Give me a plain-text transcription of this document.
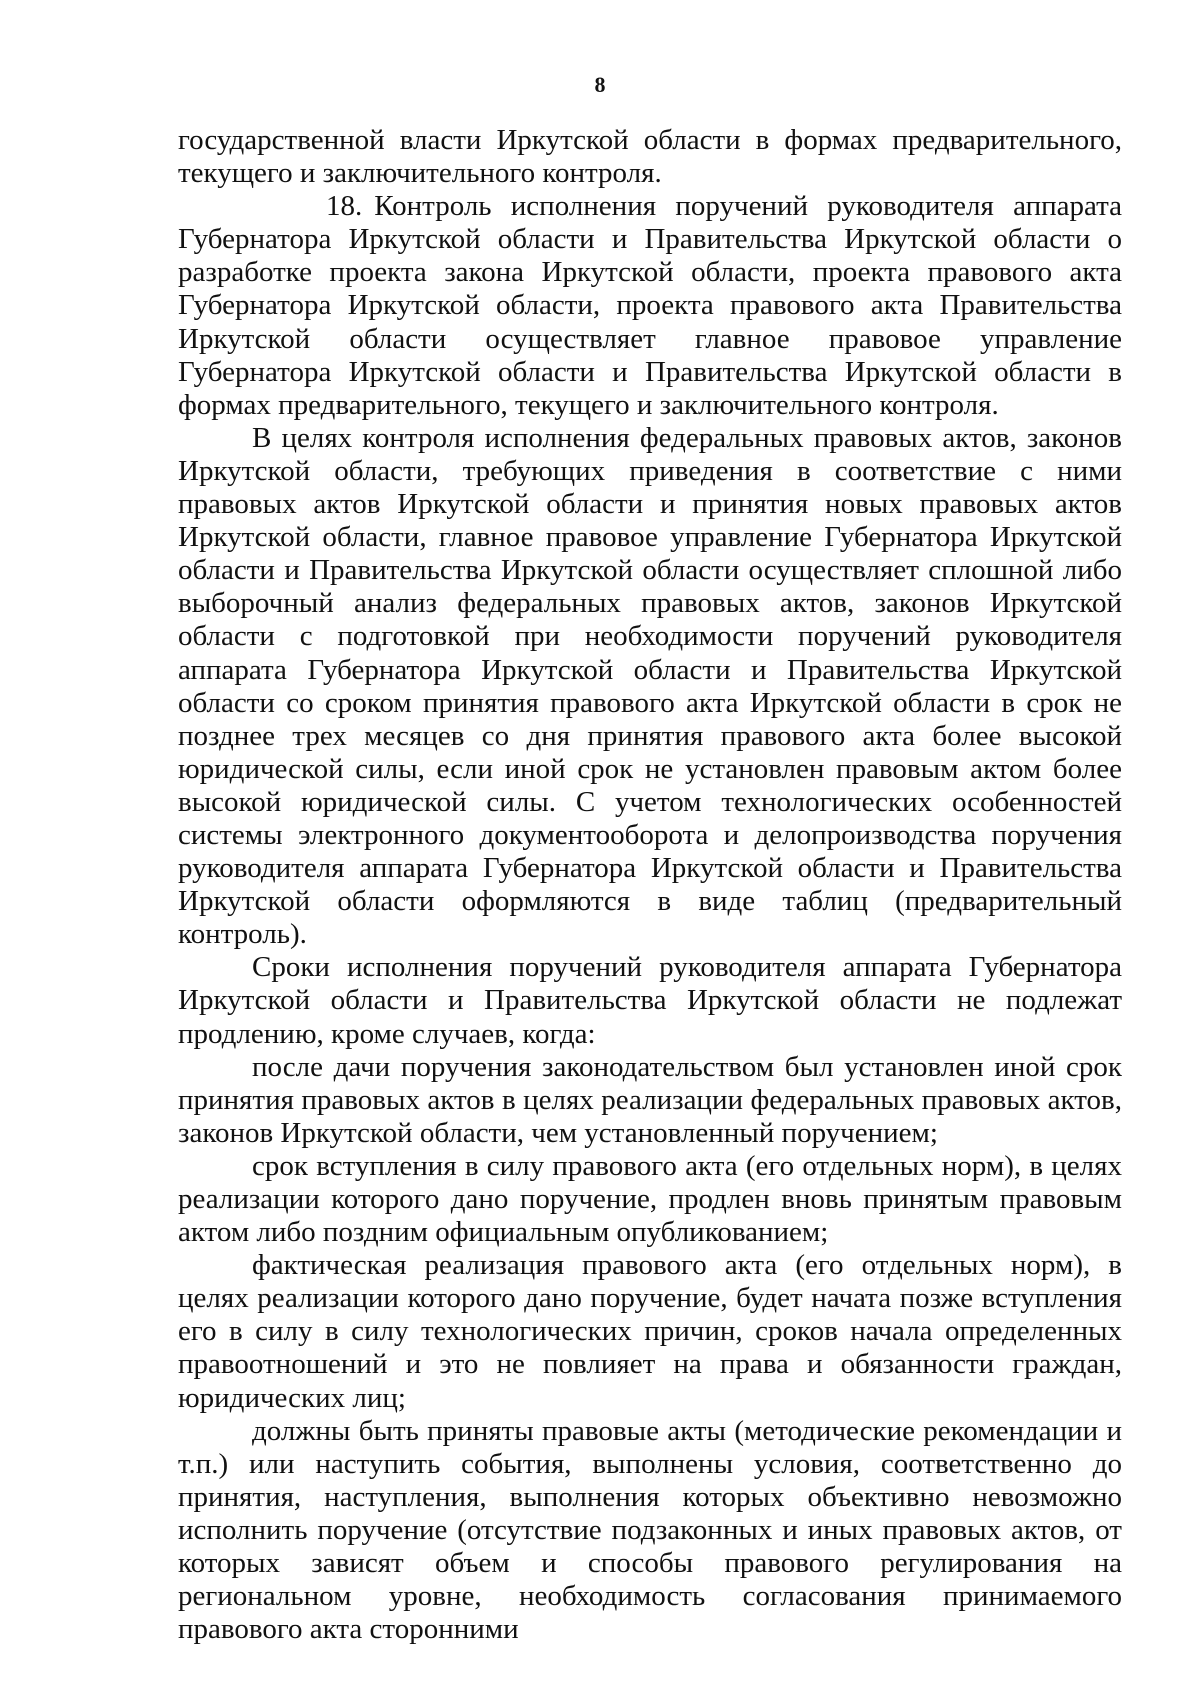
8

государственной власти Иркутской области в формах предварительного, текущего и заключительного контроля.

18. Контроль исполнения поручений руководителя аппарата Губернатора Иркутской области и Правительства Иркутской области о разработке проекта закона Иркутской области, проекта правового акта Губернатора Иркутской области, проекта правового акта Правительства Иркутской области осуществляет главное правовое управление Губернатора Иркутской области и Правительства Иркутской области в формах предварительного, текущего и заключительного контроля.

В целях контроля исполнения федеральных правовых актов, законов Иркутской области, требующих приведения в соответствие с ними правовых актов Иркутской области и принятия новых правовых актов Иркутской области, главное правовое управление Губернатора Иркутской области и Правительства Иркутской области осуществляет сплошной либо выборочный анализ федеральных правовых актов, законов Иркутской области с подготовкой при необходимости поручений руководителя аппарата Губернатора Иркутской области и Правительства Иркутской области со сроком принятия правового акта Иркутской области в срок не позднее трех месяцев со дня принятия правового акта более высокой юридической силы, если иной срок не установлен правовым актом более высокой юридической силы. С учетом технологических особенностей системы электронного документооборота и делопроизводства поручения руководителя аппарата Губернатора Иркутской области и Правительства Иркутской области оформляются в виде таблиц (предварительный контроль).

Сроки исполнения поручений руководителя аппарата Губернатора Иркутской области и Правительства Иркутской области не подлежат продлению, кроме случаев, когда:

после дачи поручения законодательством был установлен иной срок принятия правовых актов в целях реализации федеральных правовых актов, законов Иркутской области, чем установленный поручением;

срок вступления в силу правового акта (его отдельных норм), в целях реализации которого дано поручение, продлен вновь принятым правовым актом либо поздним официальным опубликованием;

фактическая реализация правового акта (его отдельных норм), в целях реализации которого дано поручение, будет начата позже вступления его в силу в силу технологических причин, сроков начала определенных правоотношений и это не повлияет на права и обязанности граждан, юридических лиц;

должны быть приняты правовые акты (методические рекомендации и т.п.) или наступить события, выполнены условия, соответственно до принятия, наступления, выполнения которых объективно невозможно исполнить поручение (отсутствие подзаконных и иных правовых актов, от которых зависят объем и способы правового регулирования на региональном уровне, необходимость согласования принимаемого правового акта сторонними
